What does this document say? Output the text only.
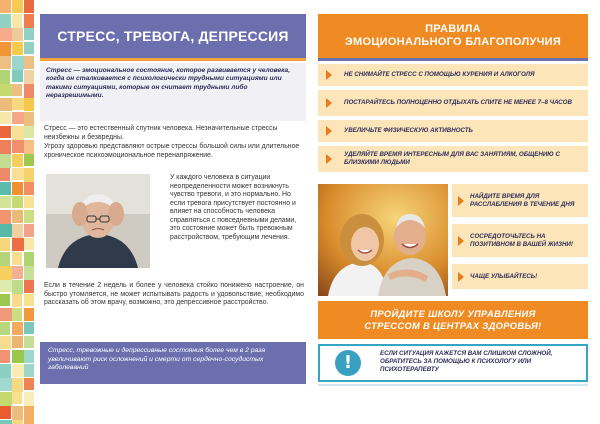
СТРЕСС, ТРЕВОГА, ДЕПРЕССИЯ
Стресс — эмоциональное состояние, которое развивается у человека, когда он сталкивается с психологически трудными ситуациями или такими ситуациями, которые он считает трудными либо неразрешимыми.
Стресс — это естественный спутник человека. Незначительные стрессы неизбежны и безвредны.
Угрозу здоровью представляют острые стрессы большой силы или длительное хроническое психоэмоциональное перенапряжение.
У каждого человека в ситуации неопределенности может возникнуть чувство тревоги, и это нормально. Но если тревога присутствует постоянно и влияет на способность человека справляться с повседневными делами, это состояние может быть тревожным расстройством, требующим лечения.
Если в течение 2 недель и более у человека стойко понижено настроение, он быстро утомляется, не может испытывать радость и удовольствие, необходимо рассказать об этом врачу, возможно, это депрессивное расстройство.
Стресс, тревожные и депрессивные состояния более чем в 2 раза увеличивают риск осложнений и смерти от сердечно-сосудистых заболеваний
ПРАВИЛА
ЭМОЦИОНАЛЬНОГО БЛАГОПОЛУЧИЯ
НЕ СНИМАЙТЕ СТРЕСС С ПОМОЩЬЮ КУРЕНИЯ И АЛКОГОЛЯ
ПОСТАРАЙТЕСЬ ПОЛНОЦЕННО ОТДЫХАТЬ СПИТЕ НЕ МЕНЕЕ 7–8 ЧАСОВ
УВЕЛИЧЬТЕ ФИЗИЧЕСКУЮ АКТИВНОСТЬ
УДЕЛЯЙТЕ ВРЕМЯ ИНТЕРЕСНЫМ ДЛЯ ВАС ЗАНЯТИЯМ, ОБЩЕНИЮ С БЛИЗКИМИ ЛЮДЬМИ
НАЙДИТЕ ВРЕМЯ ДЛЯ РАССЛАБЛЕНИЯ В ТЕЧЕНИЕ ДНЯ
СОСРЕДОТОЧЬТЕСЬ НА ПОЗИТИВНОМ В ВАШЕЙ ЖИЗНИ!
ЧАЩЕ УЛЫБАЙТЕСЬ!
ПРОЙДИТЕ ШКОЛУ УПРАВЛЕНИЯ
СТРЕССОМ В ЦЕНТРАХ ЗДОРОВЬЯ!
!	ЕСЛИ СИТУАЦИЯ КАЖЕТСЯ ВАМ СЛИШКОМ СЛОЖНОЙ, ОБРАТИТЕСЬ ЗА ПОМОЩЬЮ К ПСИХОЛОГУ ИЛИ ПСИХОТЕРАПЕВТУ
